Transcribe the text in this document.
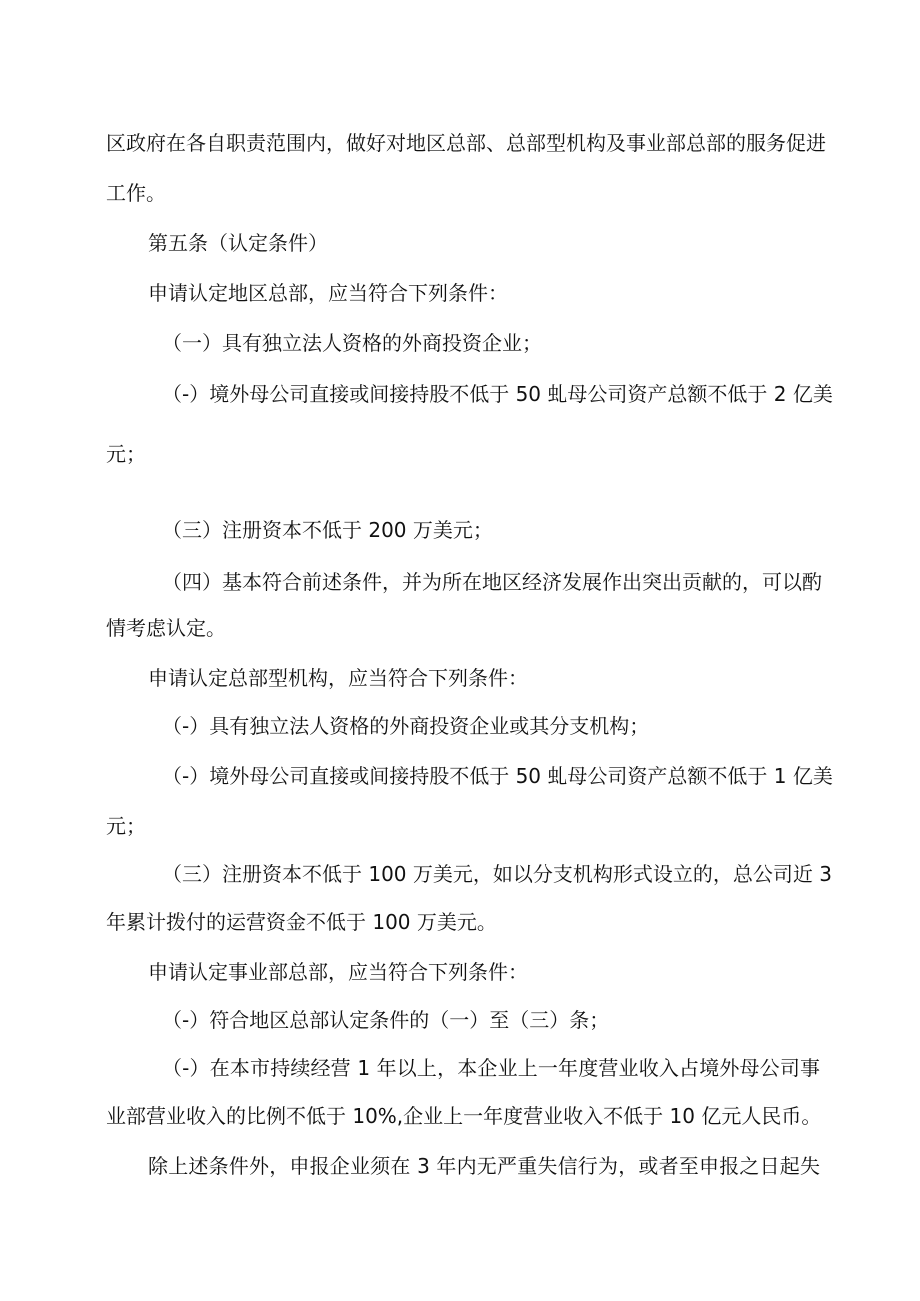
区政府在各自职责范围内，做好对地区总部、总部型机构及事业部总部的服务促进
工作。
第五条（认定条件）
申请认定地区总部，应当符合下列条件：
（一）具有独立法人资格的外商投资企业；
（-）境外母公司直接或间接持股不低于 50 虬母公司资产总额不低于 2 亿美
元；
（三）注册资本不低于 200 万美元；
（四）基本符合前述条件，并为所在地区经济发展作出突出贡献的，可以酌
情考虑认定。
申请认定总部型机构，应当符合下列条件：
（-）具有独立法人资格的外商投资企业或其分支机构；
（-）境外母公司直接或间接持股不低于 50 虬母公司资产总额不低于 1 亿美
元；
（三）注册资本不低于 100 万美元，如以分支机构形式设立的，总公司近 3
年累计拨付的运营资金不低于 100 万美元。
申请认定事业部总部，应当符合下列条件：
（-）符合地区总部认定条件的（一）至（三）条；
（-）在本市持续经营 1 年以上，本企业上一年度营业收入占境外母公司事
业部营业收入的比例不低于 10%,企业上一年度营业收入不低于 10 亿元人民币。
除上述条件外，申报企业须在 3 年内无严重失信行为，或者至申报之日起失
